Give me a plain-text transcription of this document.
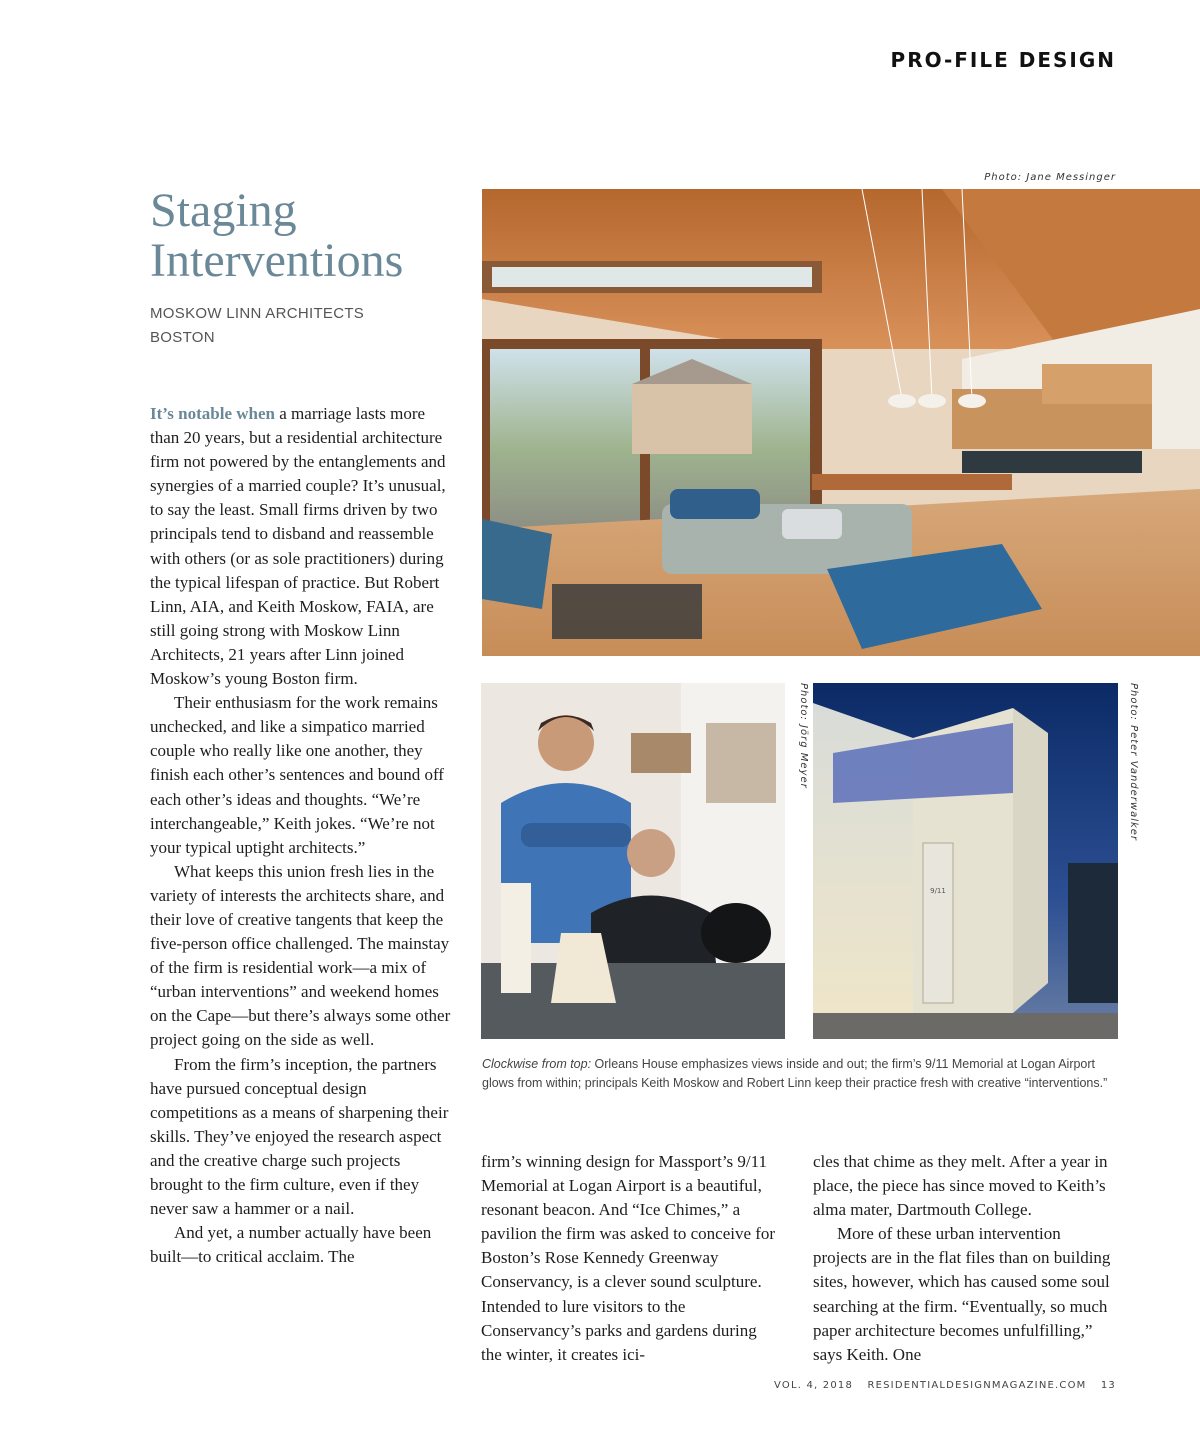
PRO-FILE DESIGN
Staging
Interventions
MOSKOW LINN ARCHITECTS
BOSTON

It’s notable when a marriage lasts more than 20 years, but a residential architecture firm not powered by the entanglements and synergies of a married couple? It’s unusual, to say the least. Small firms driven by two principals tend to disband and reassemble with others (or as sole practitioners) during the typical lifespan of practice. But Robert Linn, AIA, and Keith Moskow, FAIA, are still going strong with Moskow Linn Architects, 21 years after Linn joined Moskow’s young Boston firm.

Their enthusiasm for the work remains unchecked, and like a simpatico married couple who really like one another, they finish each other’s sentences and bound off each other’s ideas and thoughts. “We’re interchangeable,” Keith jokes. “We’re not your typical uptight architects.”

What keeps this union fresh lies in the variety of interests the architects share, and their love of creative tangents that keep the five-person office challenged. The mainstay of the firm is residential work—a mix of “urban interventions” and weekend homes on the Cape—but there’s always some other project going on the side as well.

From the firm’s inception, the partners have pursued conceptual design competitions as a means of sharpening their skills. They’ve enjoyed the research aspect and the creative charge such projects brought to the firm culture, even if they never saw a hammer or a nail.

And yet, a number actually have been built—to critical acclaim. The

firm’s winning design for Massport’s 9/11 Memorial at Logan Airport is a beautiful, resonant beacon. And “Ice Chimes,” a pavilion the firm was asked to conceive for Boston’s Rose Kennedy Greenway Conservancy, is a clever sound sculpture. Intended to lure visitors to the Conservancy’s parks and gardens during the winter, it creates ici-

cles that chime as they melt. After a year in place, the piece has since moved to Keith’s alma mater, Dartmouth College.

More of these urban intervention projects are in the flat files than on building sites, however, which has caused some soul searching at the firm. “Eventually, so much paper architecture becomes unfulfilling,” says Keith. One

Photo: Jane Messinger
Photo: Jörg Meyer	Photo: Peter Vanderwalker
9/11
Clockwise from top: Orleans House emphasizes views inside and out; the firm’s 9/11 Memorial at Logan Airport glows from within; principals Keith Moskow and Robert Linn keep their practice fresh with creative “interventions.”
VOL. 4, 2018 RESIDENTIALDESIGNMAGAZINE.COM 13
